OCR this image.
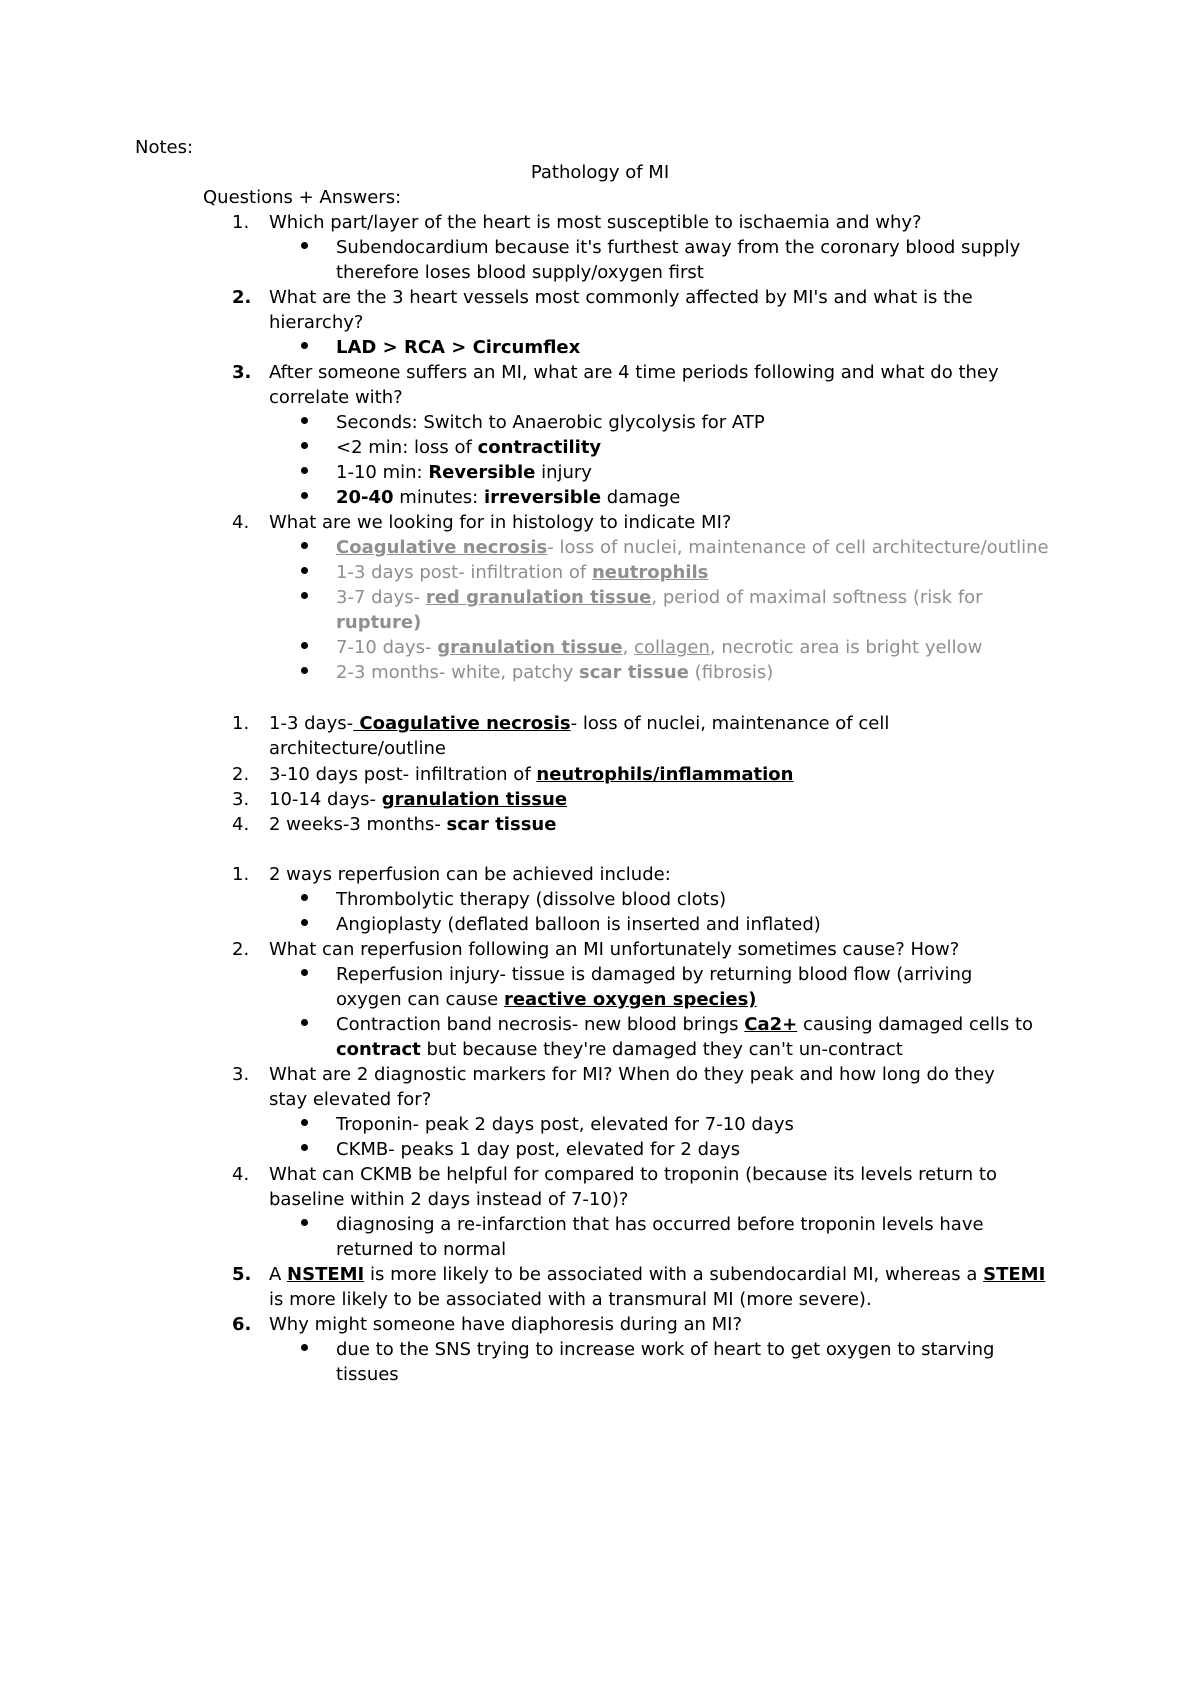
Notes:
Pathology of MI
Questions + Answers:
1. Which part/layer of the heart is most susceptible to ischaemia and why?
Subendocardium because it's furthest away from the coronary blood supply
therefore loses blood supply/oxygen first
2. What are the 3 heart vessels most commonly affected by MI's and what is the
hierarchy?
LAD > RCA > Circumflex
3. After someone suffers an MI, what are 4 time periods following and what do they
correlate with?
Seconds: Switch to Anaerobic glycolysis for ATP
<2 min: loss of contractility
1-10 min: Reversible injury
20-40 minutes: irreversible damage
4. What are we looking for in histology to indicate MI?
Coagulative necrosis- loss of nuclei, maintenance of cell architecture/outline
1-3 days post- infiltration of neutrophils
3-7 days- red granulation tissue, period of maximal softness (risk for
rupture)
7-10 days- granulation tissue, collagen, necrotic area is bright yellow
2-3 months- white, patchy scar tissue (fibrosis)
1. 1-3 days- Coagulative necrosis- loss of nuclei, maintenance of cell
architecture/outline
2. 3-10 days post- infiltration of neutrophils/inflammation
3. 10-14 days- granulation tissue
4. 2 weeks-3 months- scar tissue
1. 2 ways reperfusion can be achieved include:
Thrombolytic therapy (dissolve blood clots)
Angioplasty (deflated balloon is inserted and inflated)
2. What can reperfusion following an MI unfortunately sometimes cause? How?
Reperfusion injury- tissue is damaged by returning blood flow (arriving
oxygen can cause reactive oxygen species)
Contraction band necrosis- new blood brings Ca2+ causing damaged cells to
contract but because they're damaged they can't un-contract
3. What are 2 diagnostic markers for MI? When do they peak and how long do they
stay elevated for?
Troponin- peak 2 days post, elevated for 7-10 days
CKMB- peaks 1 day post, elevated for 2 days
4. What can CKMB be helpful for compared to troponin (because its levels return to
baseline within 2 days instead of 7-10)?
diagnosing a re-infarction that has occurred before troponin levels have
returned to normal
5. A NSTEMI is more likely to be associated with a subendocardial MI, whereas a STEMI
is more likely to be associated with a transmural MI (more severe).
6. Why might someone have diaphoresis during an MI?
due to the SNS trying to increase work of heart to get oxygen to starving
tissues
